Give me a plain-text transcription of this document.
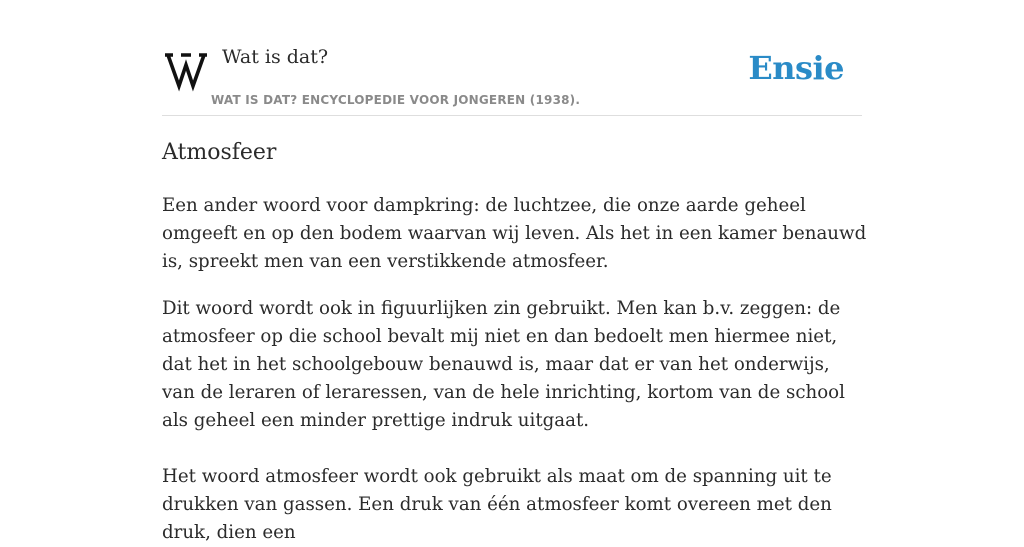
Wat is dat?
WAT IS DAT? ENCYCLOPEDIE VOOR JONGEREN (1938).
Ensie
Atmosfeer

Een ander woord voor dampkring: de luchtzee, die onze aarde geheel omgeeft en op den bodem waarvan wij leven. Als het in een kamer benauwd is, spreekt men van een verstikkende atmosfeer.

Dit woord wordt ook in figuurlijken zin gebruikt. Men kan b.v. zeggen: de atmosfeer op die school bevalt mij niet en dan bedoelt men hiermee niet, dat het in het schoolgebouw benauwd is, maar dat er van het onderwijs, van de leraren of leraressen, van de hele inrichting, kortom van de school als geheel een minder prettige indruk uitgaat.

Het woord atmosfeer wordt ook gebruikt als maat om de spanning uit te drukken van gassen. Een druk van één atmosfeer komt overeen met den druk, dien een
